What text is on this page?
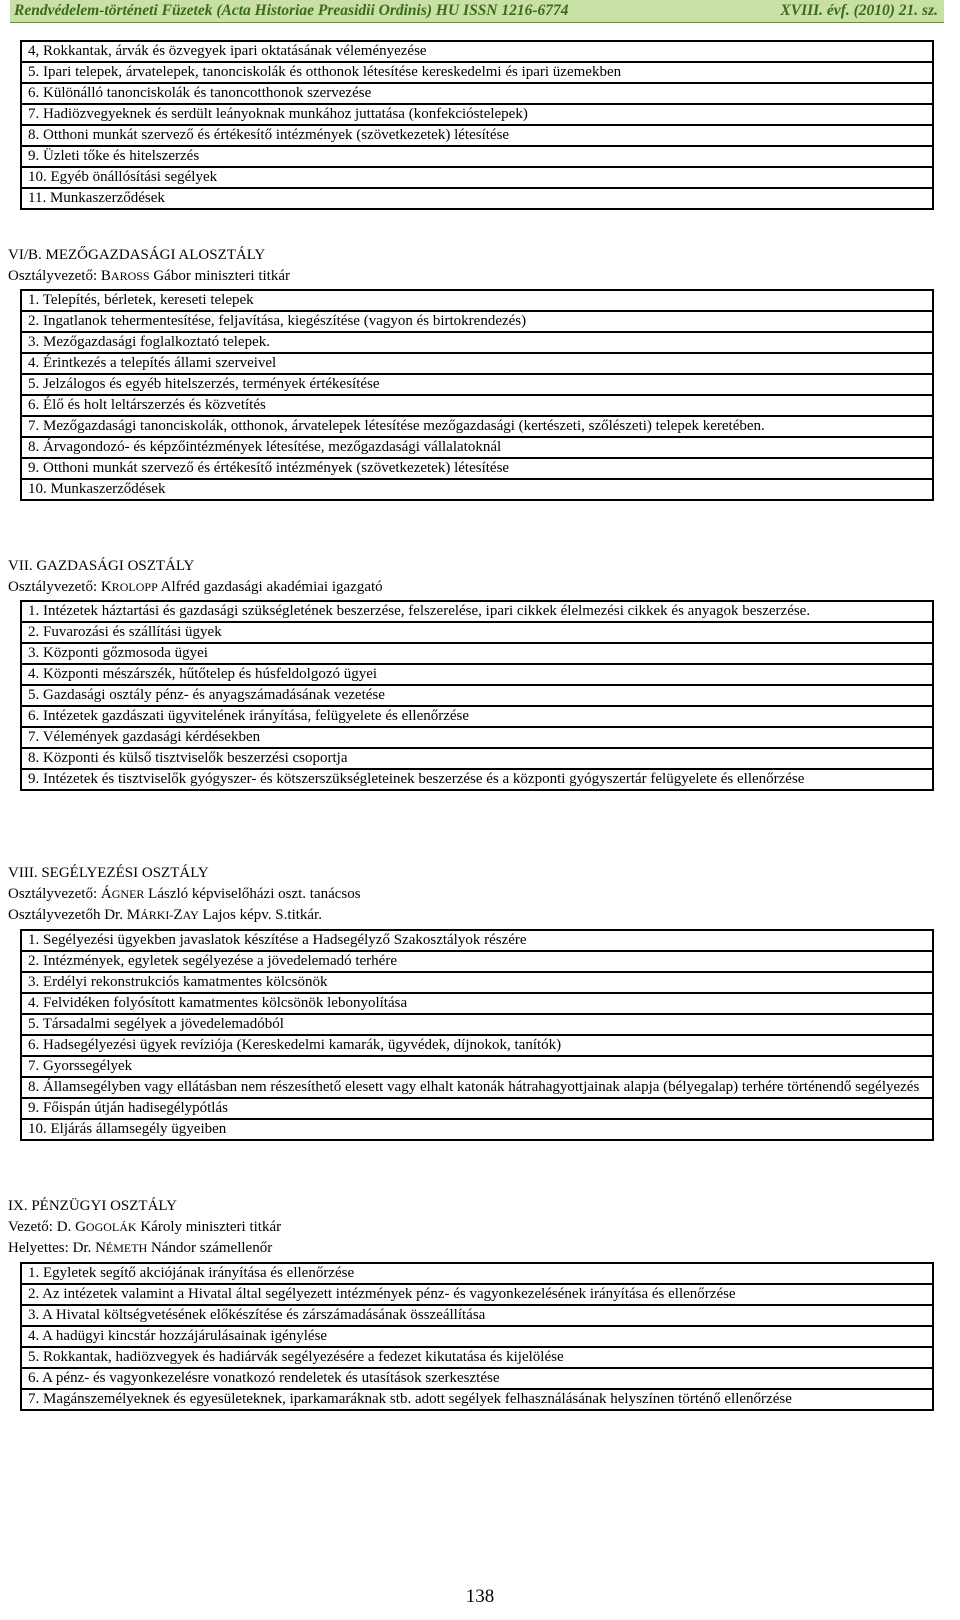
Rendvédelem-történeti Füzetek (Acta Historiae Preasidii Ordinis) HU ISSN 1216-6774	XVIII. évf. (2010) 21. sz.
4, Rokkantak, árvák és özvegyek ipari oktatásának véleményezése

5. Ipari telepek, árvatelepek, tanonciskolák és otthonok létesítése kereskedelmi és ipari üzemekben

6. Különálló tanonciskolák és tanoncotthonok szervezése

7. Hadiözvegyeknek és serdült leányoknak munkához juttatása (konfekcióstelepek)

8. Otthoni munkát szervező és értékesítő intézmények (szövetkezetek) létesítése

9. Üzleti tőke és hitelszerzés

10. Egyéb önállósítási segélyek

11. Munkaszerződések
VI/B. MEZŐGAZDASÁGI ALOSZTÁLY
Osztályvezető: BAROSS Gábor miniszteri titkár
1. Telepítés, bérletek, kereseti telepek

2. Ingatlanok tehermentesítése, feljavítása, kiegészítése (vagyon és birtokrendezés)

3. Mezőgazdasági foglalkoztató telepek.

4. Érintkezés a telepítés állami szerveivel

5. Jelzálogos és egyéb hitelszerzés, termények értékesítése

6. Élő és holt leltárszerzés és közvetítés

7. Mezőgazdasági tanonciskolák, otthonok, árvatelepek létesítése mezőgazdasági (kertészeti, szőlészeti) telepek keretében.

8. Árvagondozó- és képzőintézmények létesítése, mezőgazdasági vállalatoknál

9. Otthoni munkát szervező és értékesítő intézmények (szövetkezetek) létesítése

10. Munkaszerződések
VII. GAZDASÁGI OSZTÁLY
Osztályvezető: KROLOPP Alfréd gazdasági akadémiai igazgató
1. Intézetek háztartási és gazdasági szükségletének beszerzése, felszerelése, ipari cikkek élelmezési cikkek és anyagok beszerzése.

2. Fuvarozási és szállítási ügyek

3. Központi gőzmosoda ügyei

4. Központi mészárszék, hűtőtelep és húsfeldolgozó ügyei

5. Gazdasági osztály pénz- és anyagszámadásának vezetése

6. Intézetek gazdászati ügyvitelének irányítása, felügyelete és ellenőrzése

7. Vélemények gazdasági kérdésekben

8. Központi és külső tisztviselők beszerzési csoportja

9. Intézetek és tisztviselők gyógyszer- és kötszerszükségleteinek beszerzése és a központi gyógyszertár felügyelete és ellenőrzése
VIII. SEGÉLYEZÉSI OSZTÁLY
Osztályvezető: ÁGNER László képviselőházi oszt. tanácsos
Osztályvezetőh Dr. MÁRKI-ZAY Lajos képv. S.titkár.
1. Segélyezési ügyekben javaslatok készítése a Hadsegélyző Szakosztályok részére

2. Intézmények, egyletek segélyezése a jövedelemadó terhére

3. Erdélyi rekonstrukciós kamatmentes kölcsönök

4. Felvidéken folyósított kamatmentes kölcsönök lebonyolítása

5. Társadalmi segélyek a jövedelemadóból

6. Hadsegélyezési ügyek revíziója (Kereskedelmi kamarák, ügyvédek, díjnokok, tanítók)

7. Gyorssegélyek

8. Államsegélyben vagy ellátásban nem részesíthető elesett vagy elhalt katonák hátrahagyottjainak alapja (bélyegalap) terhére történendő segélyezés

9. Főispán útján hadisegélypótlás

10. Eljárás államsegély ügyeiben
IX. PÉNZÜGYI OSZTÁLY
Vezető: D. GOGOLÁK Károly miniszteri titkár
Helyettes: Dr. NÉMETH Nándor számellenőr
1. Egyletek segítő akciójának irányítása és ellenőrzése

2. Az intézetek valamint a Hivatal által segélyezett intézmények pénz- és vagyonkezelésének irányítása és ellenőrzése

3. A Hivatal költségvetésének előkészítése és zárszámadásának összeállítása

4. A hadügyi kincstár hozzájárulásainak igénylése

5. Rokkantak, hadiözvegyek és hadiárvák segélyezésére a fedezet kikutatása és kijelölése

6. A pénz- és vagyonkezelésre vonatkozó rendeletek és utasítások szerkesztése

7. Magánszemélyeknek és egyesületeknek, iparkamaráknak stb. adott segélyek felhasználásának helyszínen történő ellenőrzése
138
